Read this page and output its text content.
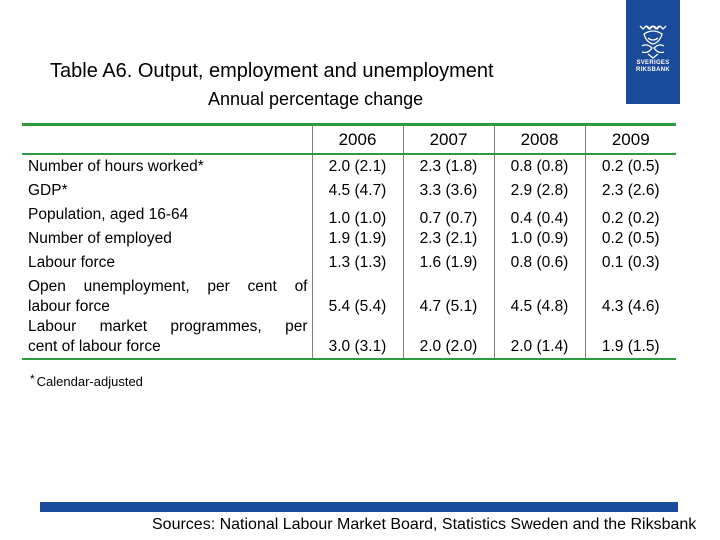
SVERIGES
RIKSBANK
Table A6. Output, employment and unemployment
Annual percentage change
	2006	2007	2008	2009
Number of hours worked*	2.0 (2.1)	2.3 (1.8)	0.8 (0.8)	0.2 (0.5)
GDP*	4.5 (4.7)	3.3 (3.6)	2.9 (2.8)	2.3 (2.6)
Population, aged 16-64	1.0 (1.0)	0.7 (0.7)	0.4 (0.4)	0.2 (0.2)
Number of employed	1.9 (1.9)	2.3 (2.1)	1.0 (0.9)	0.2 (0.5)
Labour force	1.3 (1.3)	1.6 (1.9)	0.8 (0.6)	0.1 (0.3)

Open unemployment, per cent of
labour force	5.4 (5.4)	4.7 (5.1)	4.5 (4.8)	4.3 (4.6)

Labour market programmes, per
cent of labour force	3.0 (3.1)	2.0 (2.0)	2.0 (1.4)	1.9 (1.5)
* Calendar-adjusted
Sources: National Labour Market Board, Statistics Sweden and the Riksbank
